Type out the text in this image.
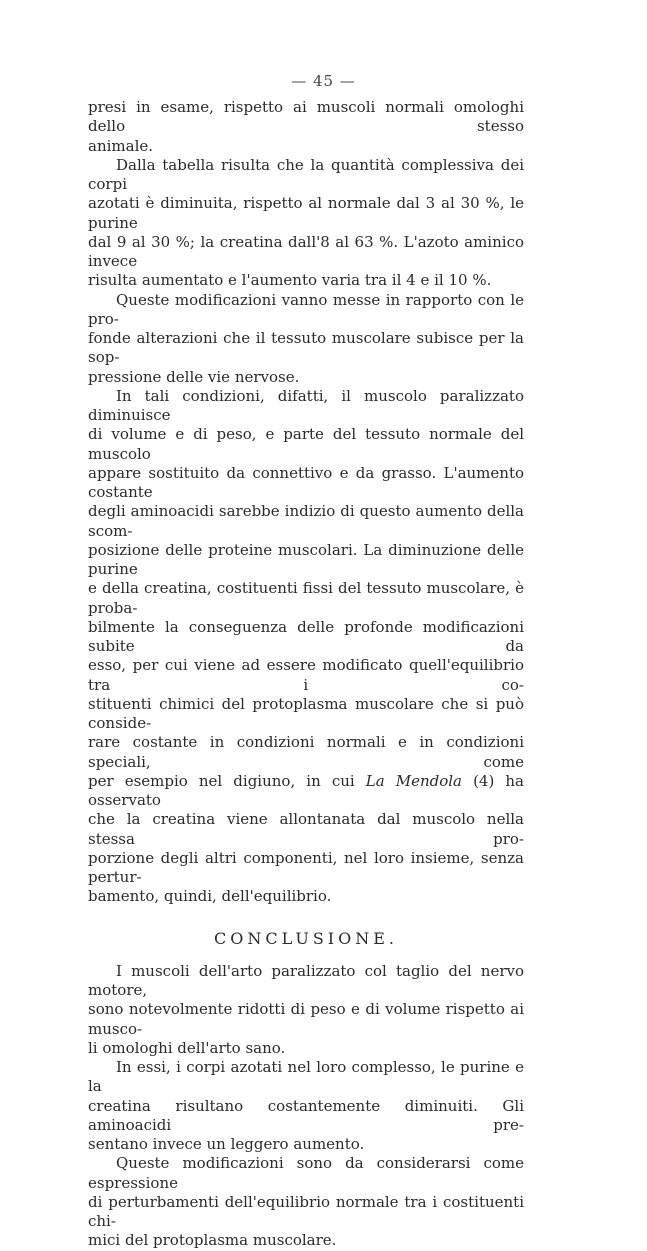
— 45 —
presi in esame, rispetto ai muscoli normali omologhi dello stesso
animale.
Dalla tabella risulta che la quantità complessiva dei corpi
azotati è diminuita, rispetto al normale dal 3 al 30 %, le purine
dal 9 al 30 %; la creatina dall'8 al 63 %. L'azoto aminico invece
risulta aumentato e l'aumento varia tra il 4 e il 10 %.
Queste modificazioni vanno messe in rapporto con le pro-
fonde alterazioni che il tessuto muscolare subisce per la sop-
pressione delle vie nervose.
In tali condizioni, difatti, il muscolo paralizzato diminuisce
di volume e di peso, e parte del tessuto normale del muscolo
appare sostituito da connettivo e da grasso. L'aumento costante
degli aminoacidi sarebbe indizio di questo aumento della scom-
posizione delle proteine muscolari. La diminuzione delle purine
e della creatina, costituenti fissi del tessuto muscolare, è proba-
bilmente la conseguenza delle profonde modificazioni subite da
esso, per cui viene ad essere modificato quell'equilibrio tra i co-
stituenti chimici del protoplasma muscolare che si può conside-
rare costante in condizioni normali e in condizioni speciali, come
per esempio nel digiuno, in cui La Mendola (4) ha osservato
che la creatina viene allontanata dal muscolo nella stessa pro-
porzione degli altri componenti, nel loro insieme, senza pertur-
bamento, quindi, dell'equilibrio.
CONCLUSIONE.
I muscoli dell'arto paralizzato col taglio del nervo motore,
sono notevolmente ridotti di peso e di volume rispetto ai musco-
li omologhi dell'arto sano.
In essi, i corpi azotati nel loro complesso, le purine e la
creatina risultano costantemente diminuiti. Gli aminoacidi pre-
sentano invece un leggero aumento.
Queste modificazioni sono da considerarsi come espressione
di perturbamenti dell'equilibrio normale tra i costituenti chi-
mici del protoplasma muscolare.
